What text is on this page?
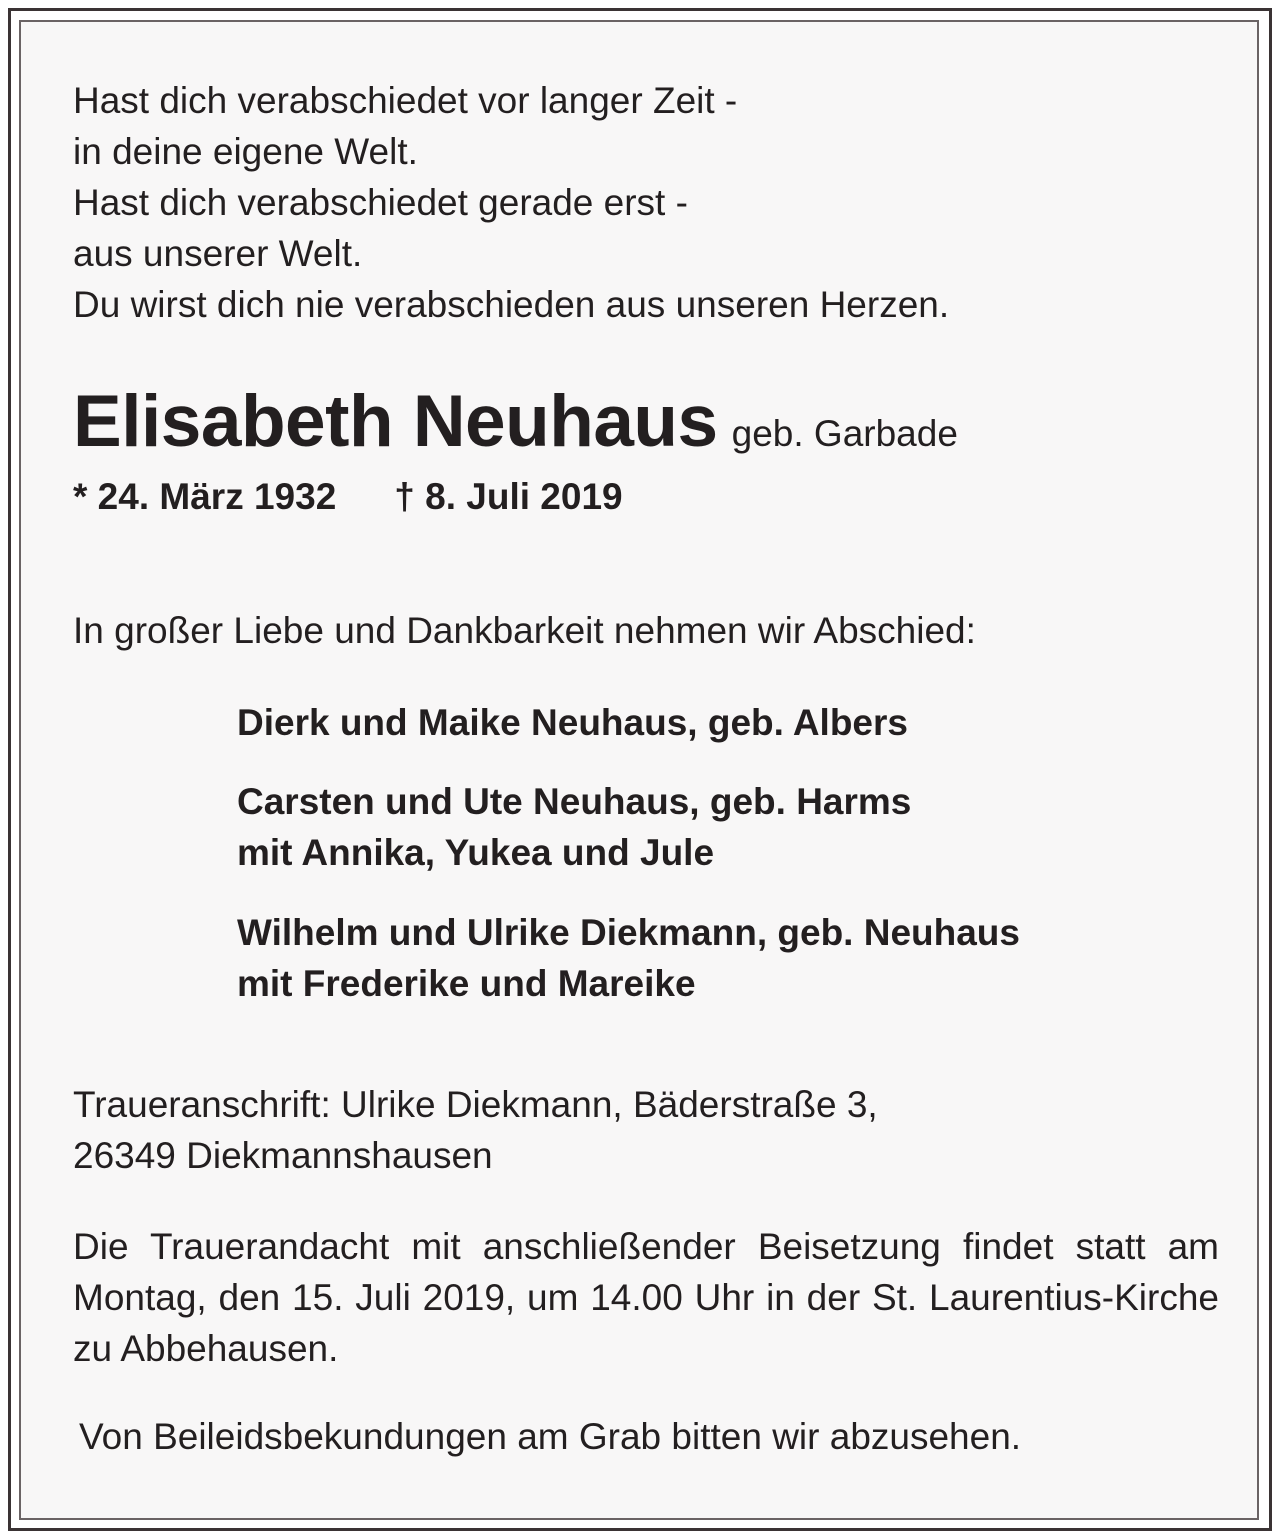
Hast dich verabschiedet vor langer Zeit -
in deine eigene Welt.
Hast dich verabschiedet gerade erst -
aus unserer Welt.
Du wirst dich nie verabschieden aus unseren Herzen.
Elisabeth Neuhaus geb. Garbade
* 24. März 1932 † 8. Juli 2019
In großer Liebe und Dankbarkeit nehmen wir Abschied:
Dierk und Maike Neuhaus, geb. Albers
Carsten und Ute Neuhaus, geb. Harms
mit Annika, Yukea und Jule
Wilhelm und Ulrike Diekmann, geb. Neuhaus
mit Frederike und Mareike
Traueranschrift: Ulrike Diekmann, Bäderstraße 3,
26349 Diekmannshausen
Die Trauerandacht mit anschließender Beisetzung findet statt am Montag, den 15. Juli 2019, um 14.00 Uhr in der St. Laurentius-Kirche zu Abbehausen.
Von Beileidsbekundungen am Grab bitten wir abzusehen.
